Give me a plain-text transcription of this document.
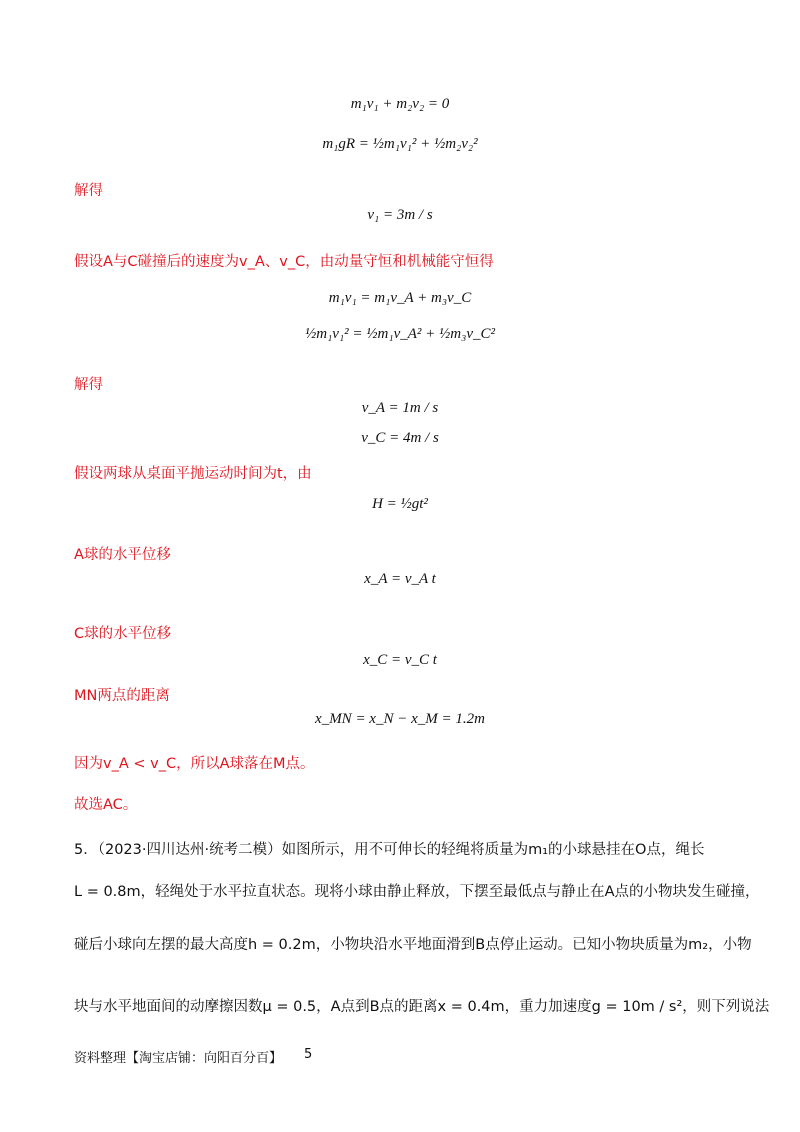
m₁v₁ + m₂v₂ = 0
m₁gR = ½m₁v₁² + ½m₂v₂²
解得
v₁ = 3m / s
假设A与C碰撞后的速度为v_A、v_C，由动量守恒和机械能守恒得
m₁v₁ = m₁v_A + m₃v_C
½m₁v₁² = ½m₁v_A² + ½m₃v_C²
解得
v_A = 1m / s
v_C = 4m / s
假设两球从桌面平抛运动时间为t，由
H = ½gt²
A球的水平位移
x_A = v_A t
C球的水平位移
x_C = v_C t
MN两点的距离
x_MN = x_N − x_M = 1.2m
因为v_A < v_C，所以A球落在M点。
故选AC。
5．（2023·四川达州·统考二模）如图所示，用不可伸长的轻绳将质量为m₁的小球悬挂在O点，绳长
L = 0.8m，轻绳处于水平拉直状态。现将小球由静止释放，下摆至最低点与静止在A点的小物块发生碰撞，
碰后小球向左摆的最大高度h = 0.2m，小物块沿水平地面滑到B点停止运动。已知小物块质量为m₂，小物
块与水平地面间的动摩擦因数μ = 0.5，A点到B点的距离x = 0.4m，重力加速度g = 10m / s²，则下列说法
资料整理【淘宝店铺：向阳百分百】 5
